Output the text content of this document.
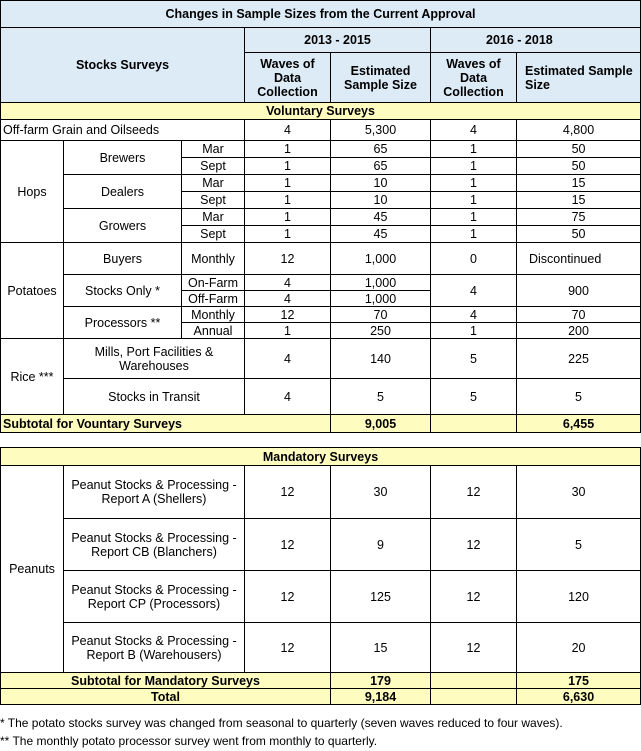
Changes in Sample Sizes from the Current Approval						
Stocks Surveys			2013 - 2015		2016 - 2018	
			Waves of Data Collection	Estimated Sample Size	Waves of Data Collection	Estimated Sample Size
Voluntary Surveys						
Off-farm Grain and Oilseeds			4	5,300	4	4,800
Hops	Brewers	Mar	1	65	1	50
		Sept	1	65	1	50
	Dealers	Mar	1	10	1	15
		Sept	1	10	1	15
	Growers	Mar	1	45	1	75
		Sept	1	45	1	50
Potatoes	Buyers	Monthly	12	1,000	0	Discontinued
	Stocks Only *	On-Farm	4	1,000	4	900
		Off-Farm	4	1,000		
	Processors **	Monthly	12	70	4	70
		Annual	1	250	1	200
Rice ***	Mills, Port Facilities & Warehouses		4	140	5	225
	Stocks in Transit		4	5	5	5
Subtotal for Vountary Surveys				9,005		6,455

Mandatory Surveys						
Peanuts	Peanut Stocks & Processing - Report A (Shellers)		12	30	12	30
	Peanut Stocks & Processing - Report CB (Blanchers)		12	9	12	5
	Peanut Stocks & Processing - Report CP (Processors)		12	125	12	120
	Peanut Stocks & Processing - Report B (Warehousers)		12	15	12	20
Subtotal for Mandatory Surveys				179		175
Total				9,184		6,630
* The potato stocks survey was changed from seasonal to quarterly (seven waves reduced to four waves).
** The monthly potato processor survey went from monthly to quarterly.
